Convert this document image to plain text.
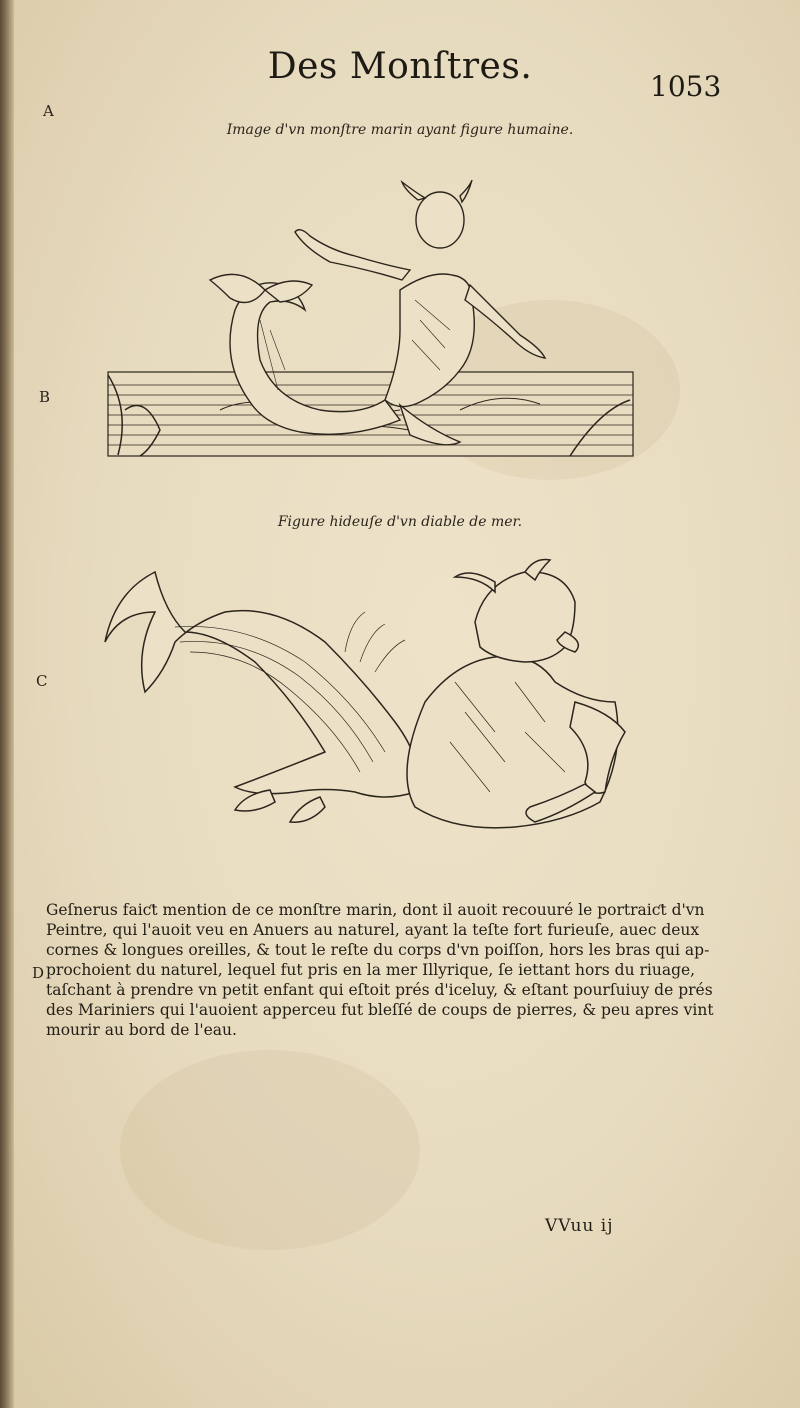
Des Monſtres.	1053
A
B
C
D
Image d'vn monſtre marin ayant figure humaine.
Figure hideuſe d'vn diable de mer.
Geſnerus faiƈt mention de ce monſtre marin, dont il auoit recouuré le portraiƈt d'vn
Peintre, qui l'auoit veu en Anuers au naturel, ayant la teſte fort furieuſe, auec deux
cornes & longues oreilles, & tout le reſte du corps d'vn poiſſon, hors les bras qui ap-
prochoient du naturel, lequel fut pris en la mer Illyrique, ſe iettant hors du riuage,
taſchant à prendre vn petit enfant qui eſtoit prés d'iceluy, & eſtant pourſuiuy de prés
des Mariniers qui l'auoient apperceu fut bleſſé de coups de pierres, & peu apres vint
mourir au bord de l'eau.
VVuu ij
